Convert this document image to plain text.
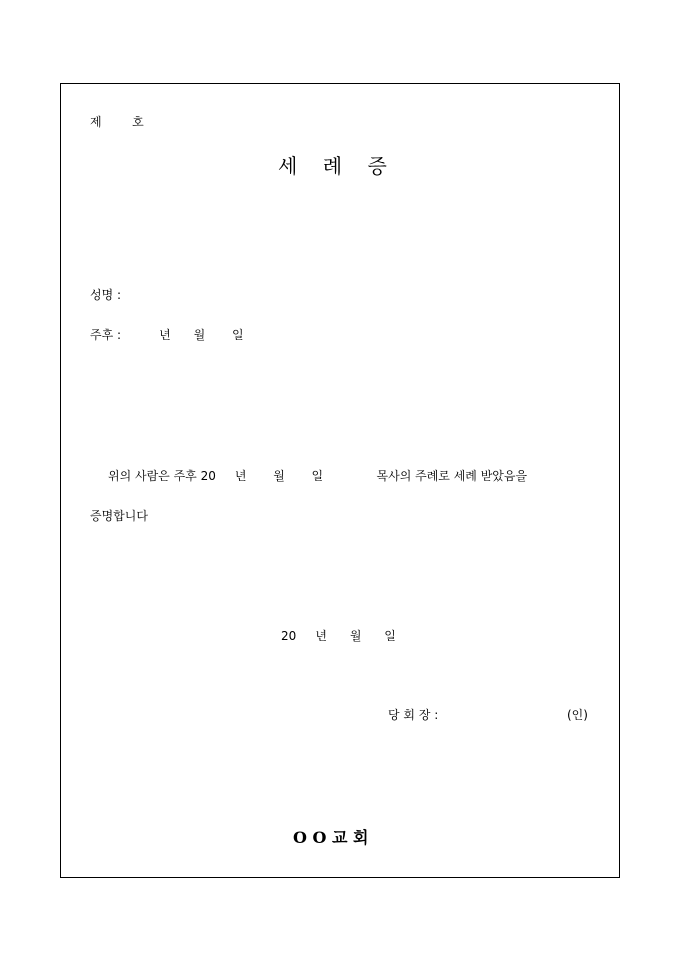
제        호
세    례    증
성명 :
주후 :          년      월       일
위의 사람은 주후 20     년       월       일              목사의 주례로 세례 받았음을
증명합니다
20     년      월      일
당 회 장 :	(인)
O O 교 회
